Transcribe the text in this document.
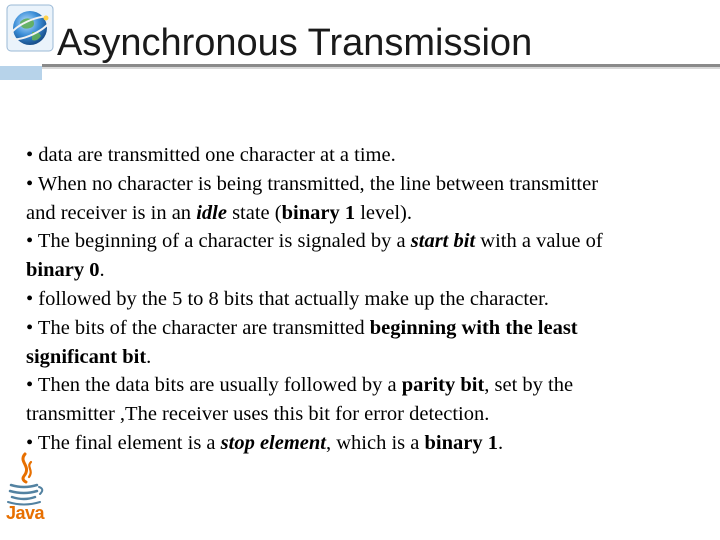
Asynchronous Transmission
• data are transmitted one character at a time.
• When no character is being transmitted, the line between transmitter
and receiver is in an idle state (binary 1 level).
• The beginning of a character is signaled by a start bit with a value of
binary 0.
• followed by the 5 to 8 bits that actually make up the character.
• The bits of the character are transmitted beginning with the least
significant bit.
• Then the data bits are usually followed by a parity bit, set by the
transmitter ,The receiver uses this bit for error detection.
• The final element is a stop element, which is a binary 1.
Java
